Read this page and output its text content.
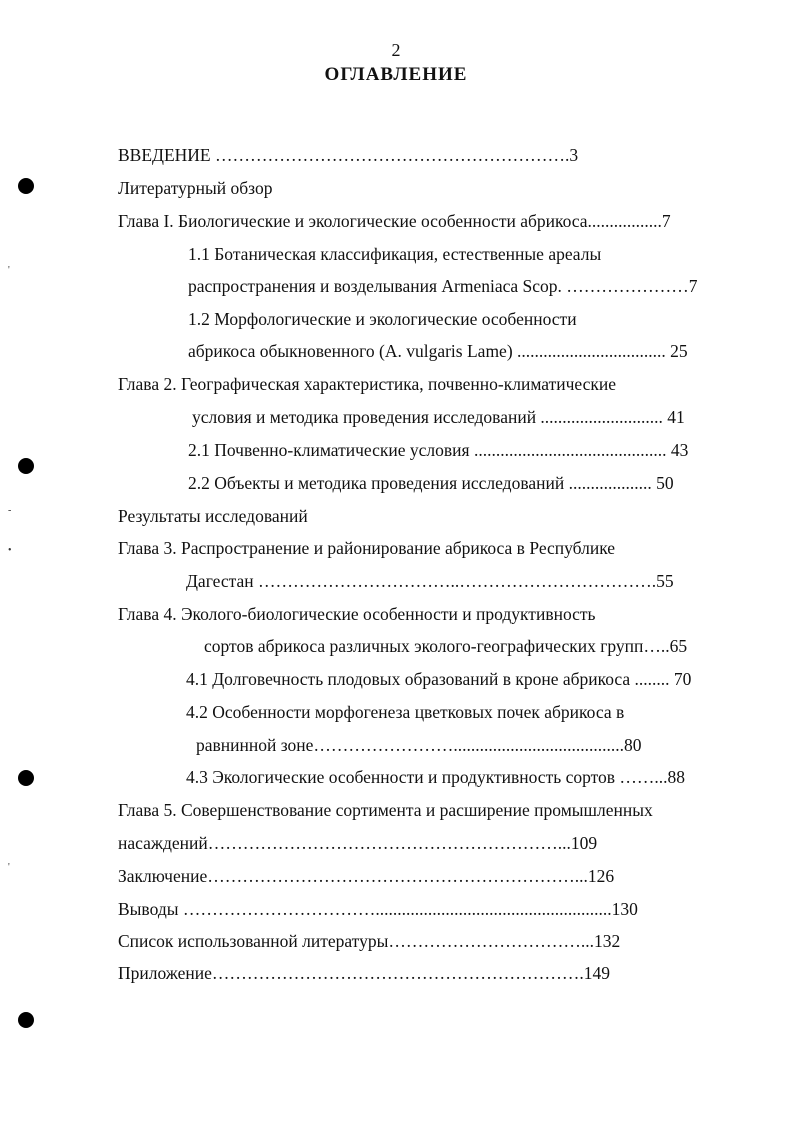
2
ОГЛАВЛЕНИЕ
ВВЕДЕНИЕ …………………………………………………….3
Литературный обзор
Глава I. Биологические и экологические особенности абрикоса.................7
1.1 Ботаническая классификация, естественные ареалы
распространения и возделывания Armeniaca Scop. …………………7
1.2 Морфологические и экологические особенности
абрикоса обыкновенного (A. vulgaris Lame) .................................. 25
Глава 2. Географическая характеристика, почвенно-климатические
условия и методика проведения исследований ............................ 41
2.1 Почвенно-климатические условия ............................................ 43
2.2 Объекты и методика проведения исследований ................... 50
Результаты исследований
Глава 3. Распространение и районирование абрикоса в Республике
Дагестан ……………………………..…………………………….55
Глава 4. Эколого-биологические особенности и продуктивность
сортов абрикоса различных эколого-географических групп…..65
4.1 Долговечность плодовых образований в кроне абрикоса ........ 70
4.2 Особенности морфогенеза цветковых почек абрикоса в
равнинной зоне…………………….......................................80
4.3 Экологические особенности и продуктивность сортов ……...88
Глава 5. Совершенствование сортимента и расширение промышленных
насаждений……………………………………………………...109
Заключение………………………………………………………...126
Выводы ……………………………......................................................130
Список использованной литературы……………………………...132
Приложение……………………………………………………….149
'
-
•
'
